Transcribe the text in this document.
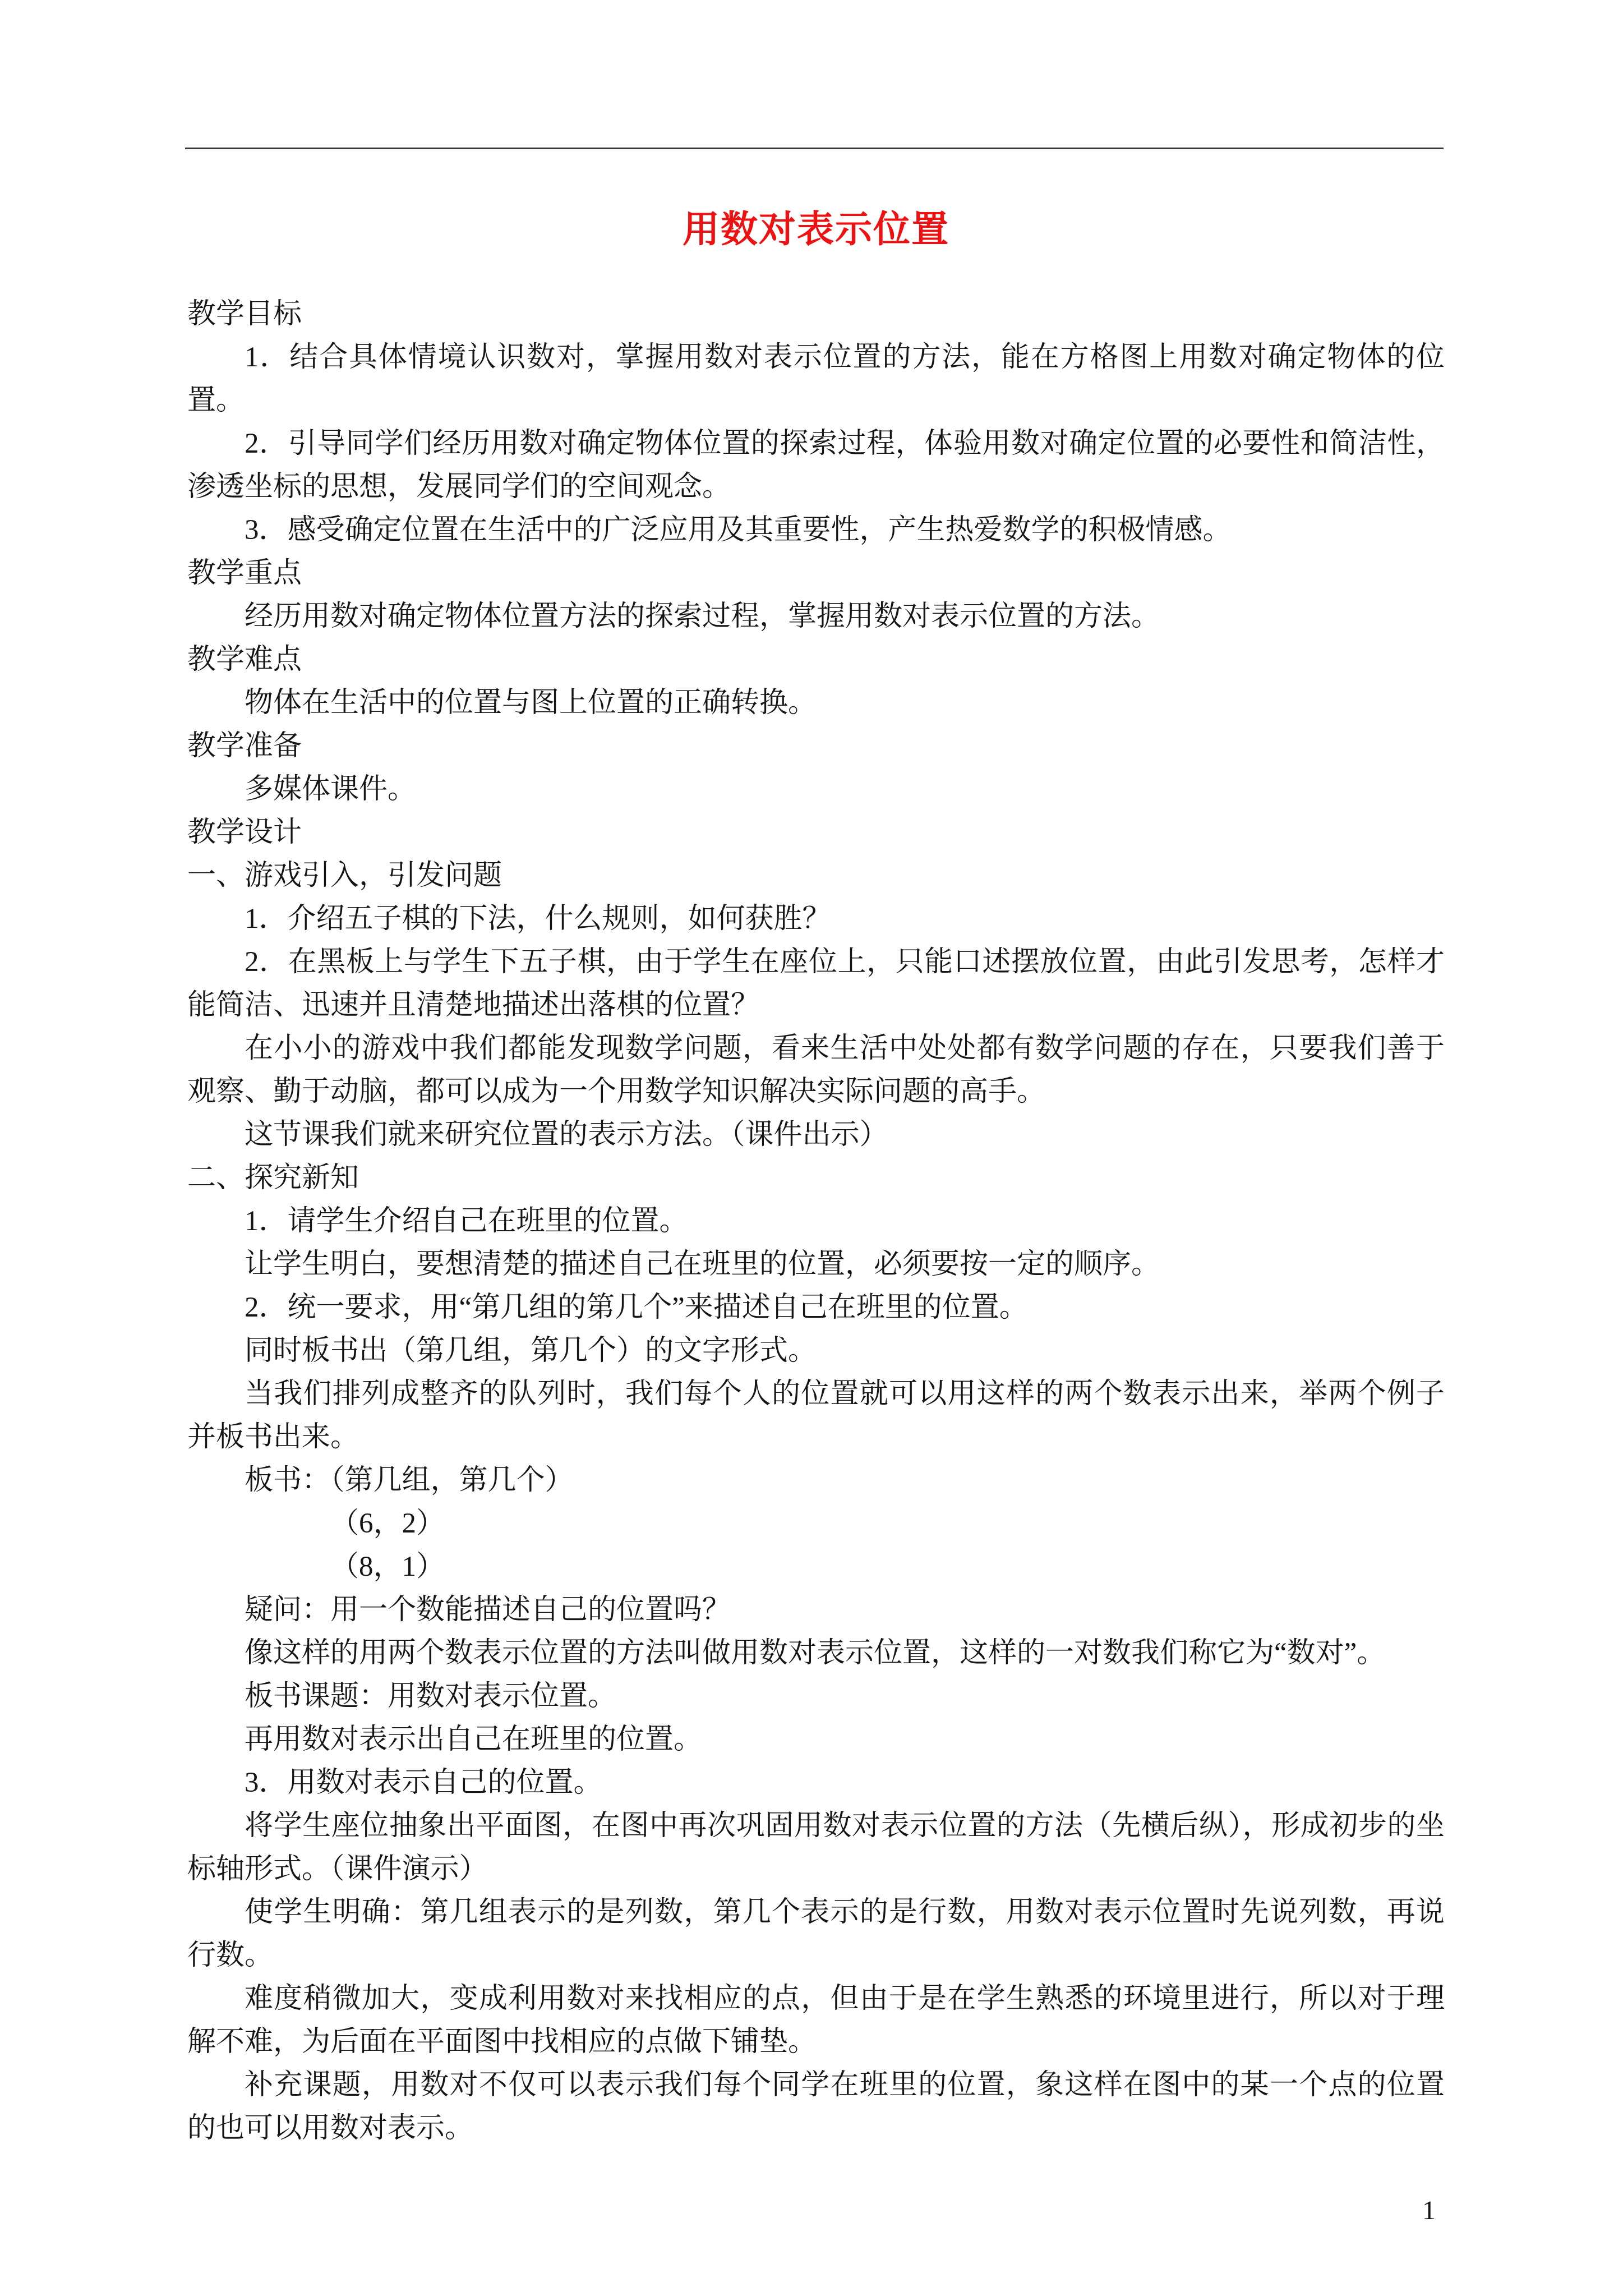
用数对表示位置

教学目标

1．结合具体情境认识数对，掌握用数对表示位置的方法，能在方格图上用数对确定物体的位置。

2．引导同学们经历用数对确定物体位置的探索过程，体验用数对确定位置的必要性和简洁性，渗透坐标的思想，发展同学们的空间观念。

3．感受确定位置在生活中的广泛应用及其重要性，产生热爱数学的积极情感。

教学重点

经历用数对确定物体位置方法的探索过程，掌握用数对表示位置的方法。

教学难点

物体在生活中的位置与图上位置的正确转换。

教学准备

多媒体课件。

教学设计

一、游戏引入，引发问题

1．介绍五子棋的下法，什么规则，如何获胜？

2．在黑板上与学生下五子棋，由于学生在座位上，只能口述摆放位置，由此引发思考，怎样才能简洁、迅速并且清楚地描述出落棋的位置？

在小小的游戏中我们都能发现数学问题，看来生活中处处都有数学问题的存在，只要我们善于观察、勤于动脑，都可以成为一个用数学知识解决实际问题的高手。

这节课我们就来研究位置的表示方法。（课件出示）

二、探究新知

1．请学生介绍自己在班里的位置。

让学生明白，要想清楚的描述自己在班里的位置，必须要按一定的顺序。

2．统一要求，用“第几组的第几个”来描述自己在班里的位置。

同时板书出（第几组，第几个）的文字形式。

当我们排列成整齐的队列时，我们每个人的位置就可以用这样的两个数表示出来，举两个例子并板书出来。

板书：（第几组，第几个）

（6，2）

（8，1）

疑问：用一个数能描述自己的位置吗？

像这样的用两个数表示位置的方法叫做用数对表示位置，这样的一对数我们称它为“数对”。

板书课题：用数对表示位置。

再用数对表示出自己在班里的位置。

3．用数对表示自己的位置。

将学生座位抽象出平面图，在图中再次巩固用数对表示位置的方法（先横后纵），形成初步的坐标轴形式。（课件演示）

使学生明确：第几组表示的是列数，第几个表示的是行数，用数对表示位置时先说列数，再说行数。

难度稍微加大，变成利用数对来找相应的点，但由于是在学生熟悉的环境里进行，所以对于理解不难，为后面在平面图中找相应的点做下铺垫。

补充课题，用数对不仅可以表示我们每个同学在班里的位置，象这样在图中的某一个点的位置的也可以用数对表示。

1
